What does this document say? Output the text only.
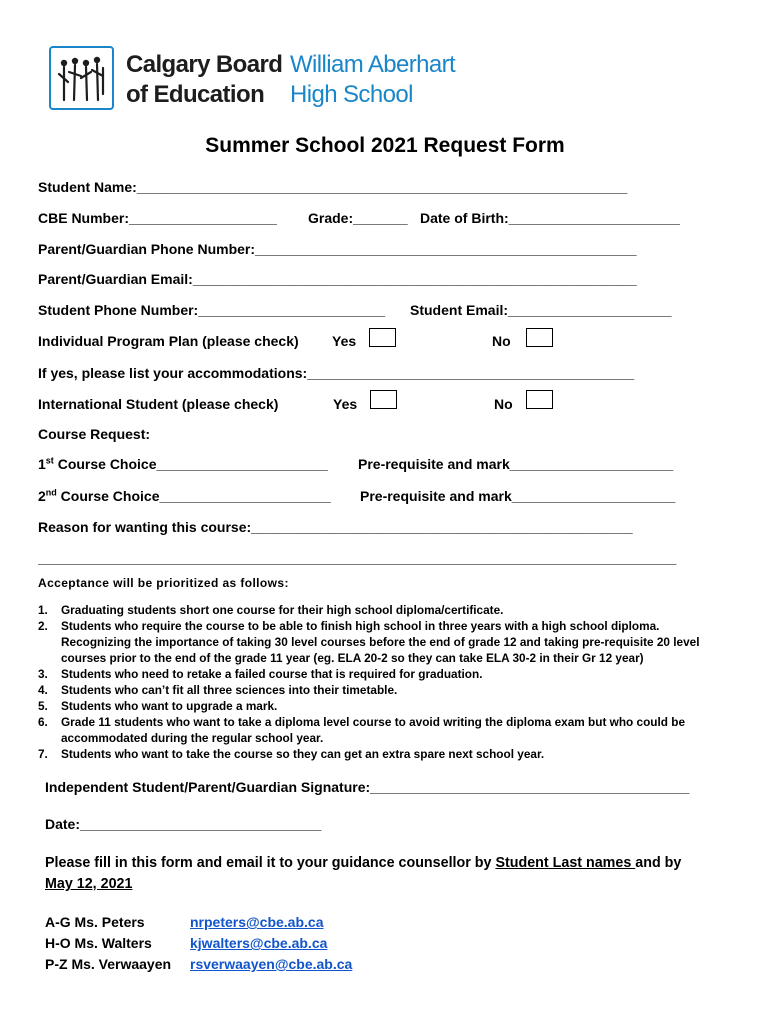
Calgary Board
of Education
William Aberhart
High School
Summer School 2021 Request Form
Student Name:_______________________________________________________________
CBE Number:___________________ Grade:_______ Date of Birth:______________________
Parent/Guardian Phone Number:_________________________________________________
Parent/Guardian Email:_________________________________________________________
Student Phone Number:________________________ Student Email:_____________________
Individual Program Plan (please check) Yes	No
If yes, please list your accommodations:__________________________________________
International Student (please check)	Yes	No
Course Request:
1st Course Choice______________________ Pre-requisite and mark_____________________
2nd Course Choice______________________ Pre-requisite and mark_____________________
Reason for wanting this course:_________________________________________________
__________________________________________________________________________________
Acceptance will be prioritized as follows:
1. Graduating students short one course for their high school diploma/certificate.
2. Students who require the course to be able to finish high school in three years with a high school diploma. Recognizing the importance of taking 30 level courses before the end of grade 12 and taking pre-requisite 20 level courses prior to the end of the grade 11 year (eg. ELA 20-2 so they can take ELA 30-2 in their Gr 12 year)
3. Students who need to retake a failed course that is required for graduation.
4. Students who can’t fit all three sciences into their timetable.
5. Students who want to upgrade a mark.
6. Grade 11 students who want to take a diploma level course to avoid writing the diploma exam but who could be accommodated during the regular school year.
7. Students who want to take the course so they can get an extra spare next school year.
Independent Student/Parent/Guardian Signature:_________________________________________
Date:_______________________________
Please fill in this form and email it to your guidance counsellor by Student Last names and by
May 12, 2021
A-G Ms. Peters	nrpeters@cbe.ab.ca
H-O Ms. Walters	kjwalters@cbe.ab.ca
P-Z Ms. Verwaayen rsverwaayen@cbe.ab.ca
